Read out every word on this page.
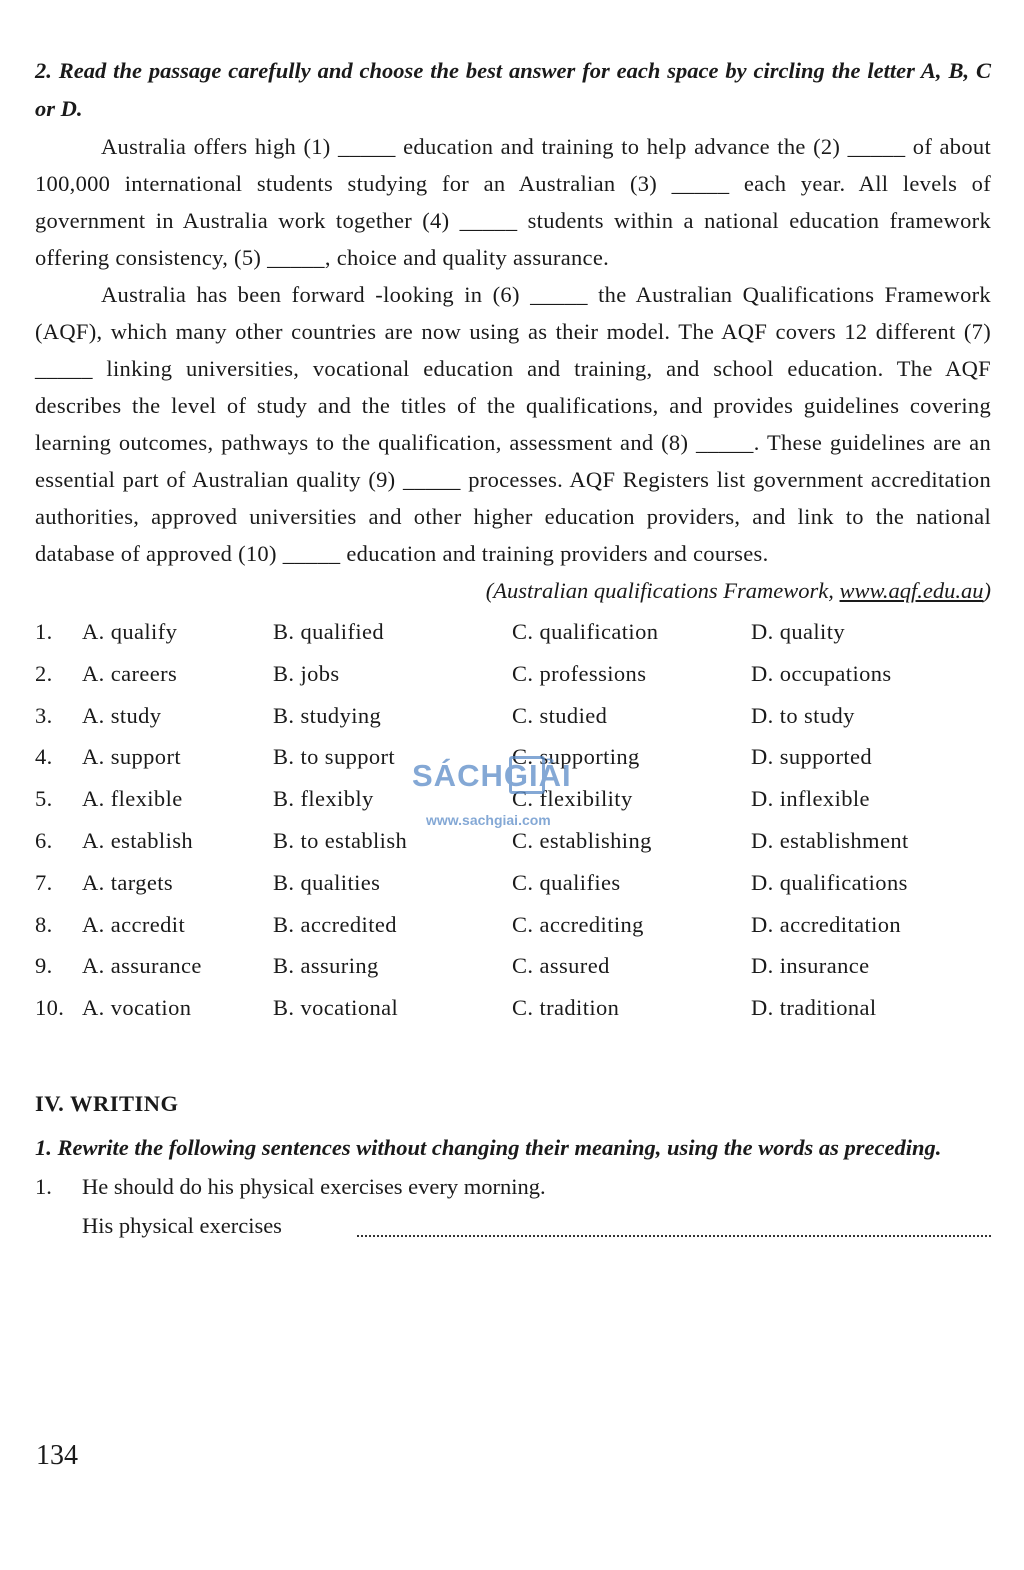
2. Read the passage carefully and choose the best answer for each space by circling the letter A, B, C or D.

Australia offers high (1) _____ education and training to help advance the (2) _____ of about 100,000 international students studying for an Australian (3) _____ each year. All levels of government in Australia work together (4) _____ students within a national education framework offering consistency, (5) _____, choice and quality assurance.

Australia has been forward -looking in (6) _____ the Australian Qualifications Framework (AQF), which many other countries are now using as their model. The AQF covers 12 different (7) _____ linking universities, vocational education and training, and school education. The AQF describes the level of study and the titles of the qualifications, and provides guidelines covering learning outcomes, pathways to the qualification, assessment and (8) _____. These guidelines are an essential part of Australian quality (9) _____ processes. AQF Registers list government accreditation authorities, approved universities and other higher education providers, and link to the national database of approved (10) _____ education and training providers and courses.

(Australian qualifications Framework, www.aqf.edu.au)

1. A. qualify	B. qualified	C. qualification	D. quality
2. A. careers	B. jobs	C. professions	D. occupations
3. A. study	B. studying	C. studied	D. to study
4. A. support	B. to support	C. supporting	D. supported
5. A. flexible	B. flexibly	C. flexibility	D. inflexible
6. A. establish	B. to establish	C. establishing	D. establishment
7. A. targets	B. qualities	C. qualifies	D. qualifications
8. A. accredit	B. accredited	C. accrediting	D. accreditation
9. A. assurance	B. assuring	C. assured	D. insurance
10. A. vocation	B. vocational	C. tradition	D. traditional

IV. WRITING

1. Rewrite the following sentences without changing their meaning, using the words as preceding.

1. He should do his physical exercises every morning.
His physical exercises
SÁCHGIẢI
www.sachgiai.com
134
